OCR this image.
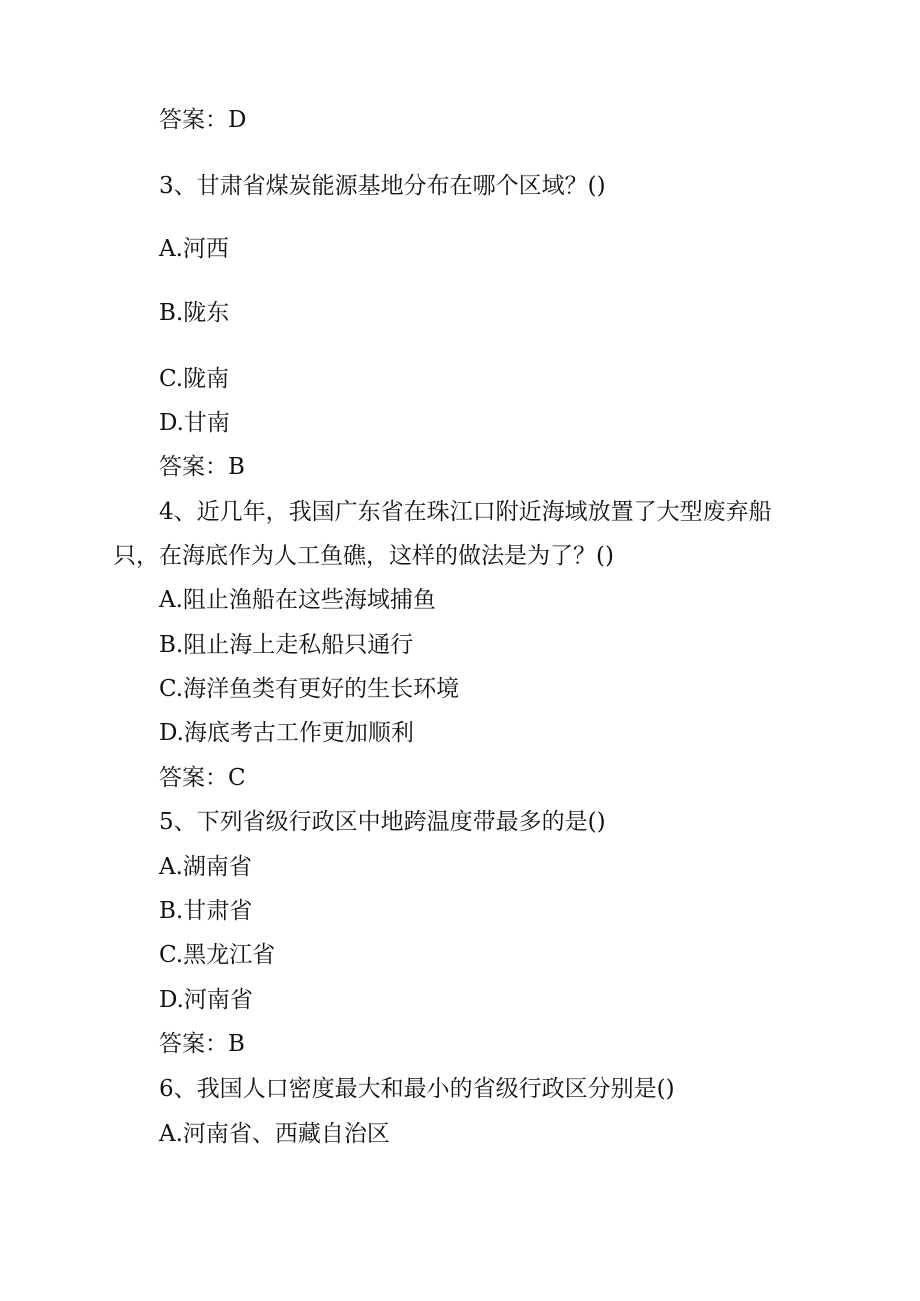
答案：D
3、甘肃省煤炭能源基地分布在哪个区域？()
A.河西
B.陇东
C.陇南
D.甘南
答案：B
4、近几年，我国广东省在珠江口附近海域放置了大型废弃船
只，在海底作为人工鱼礁，这样的做法是为了？()
A.阻止渔船在这些海域捕鱼
B.阻止海上走私船只通行
C.海洋鱼类有更好的生长环境
D.海底考古工作更加顺利
答案：C
5、下列省级行政区中地跨温度带最多的是()
A.湖南省
B.甘肃省
C.黑龙江省
D.河南省
答案：B
6、我国人口密度最大和最小的省级行政区分别是()
A.河南省、西藏自治区
